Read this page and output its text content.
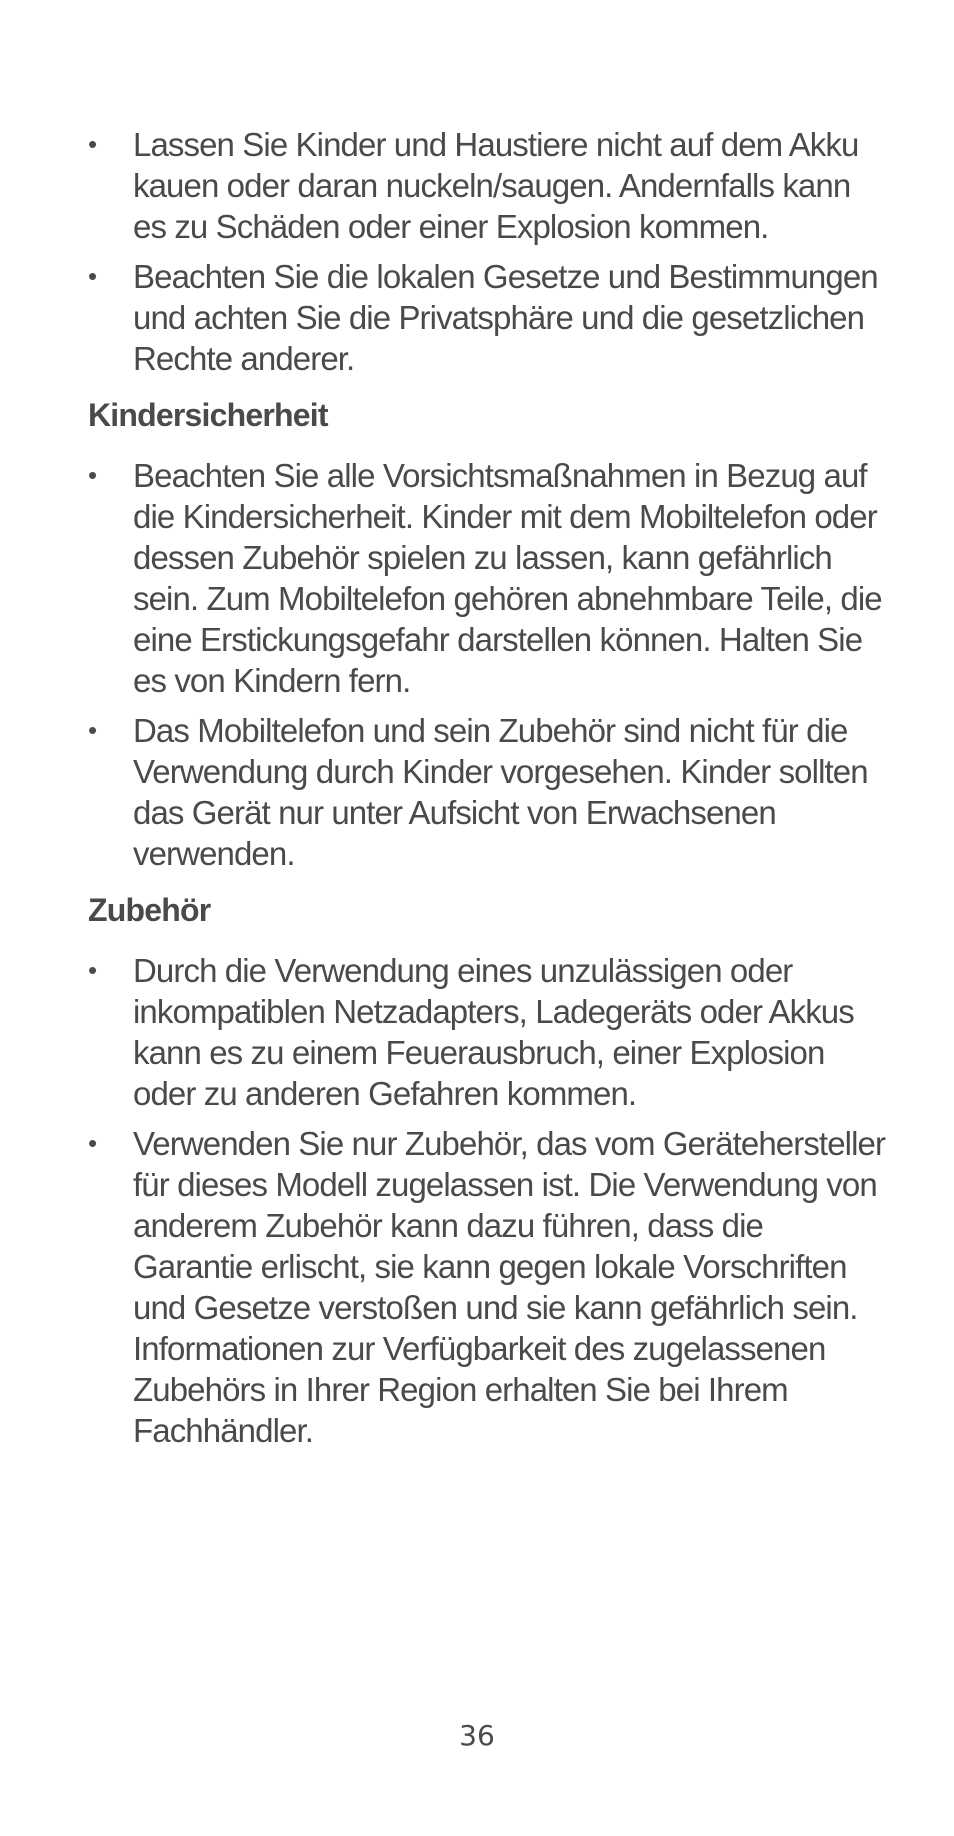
•	Lassen Sie Kinder und Haustiere nicht auf dem Akku kauen oder daran nuckeln/saugen. Andernfalls kann es zu Schäden oder einer Explosion kommen.
•	Beachten Sie die lokalen Gesetze und Bestimmungen und achten Sie die Privatsphäre und die gesetzlichen Rechte anderer.
Kindersicherheit
•	Beachten Sie alle Vorsichtsmaßnahmen in Bezug auf die Kindersicherheit. Kinder mit dem Mobiltelefon oder dessen Zubehör spielen zu lassen, kann gefährlich sein. Zum Mobiltelefon gehören abnehmbare Teile, die eine Erstickungsgefahr darstellen können. Halten Sie es von Kindern fern.
•	Das Mobiltelefon und sein Zubehör sind nicht für die Verwendung durch Kinder vorgesehen. Kinder sollten das Gerät nur unter Aufsicht von Erwachsenen verwenden.
Zubehör
•	Durch die Verwendung eines unzulässigen oder inkompatiblen Netzadapters, Ladegeräts oder Akkus kann es zu einem Feuerausbruch, einer Explosion oder zu anderen Gefahren kommen.
•	Verwenden Sie nur Zubehör, das vom Gerätehersteller für dieses Modell zugelassen ist. Die Verwendung von anderem Zubehör kann dazu führen, dass die Garantie erlischt, sie kann gegen lokale Vorschriften und Gesetze verstoßen und sie kann gefährlich sein. Informationen zur Verfügbarkeit des zugelassenen Zubehörs in Ihrer Region erhalten Sie bei Ihrem Fachhändler.
36
